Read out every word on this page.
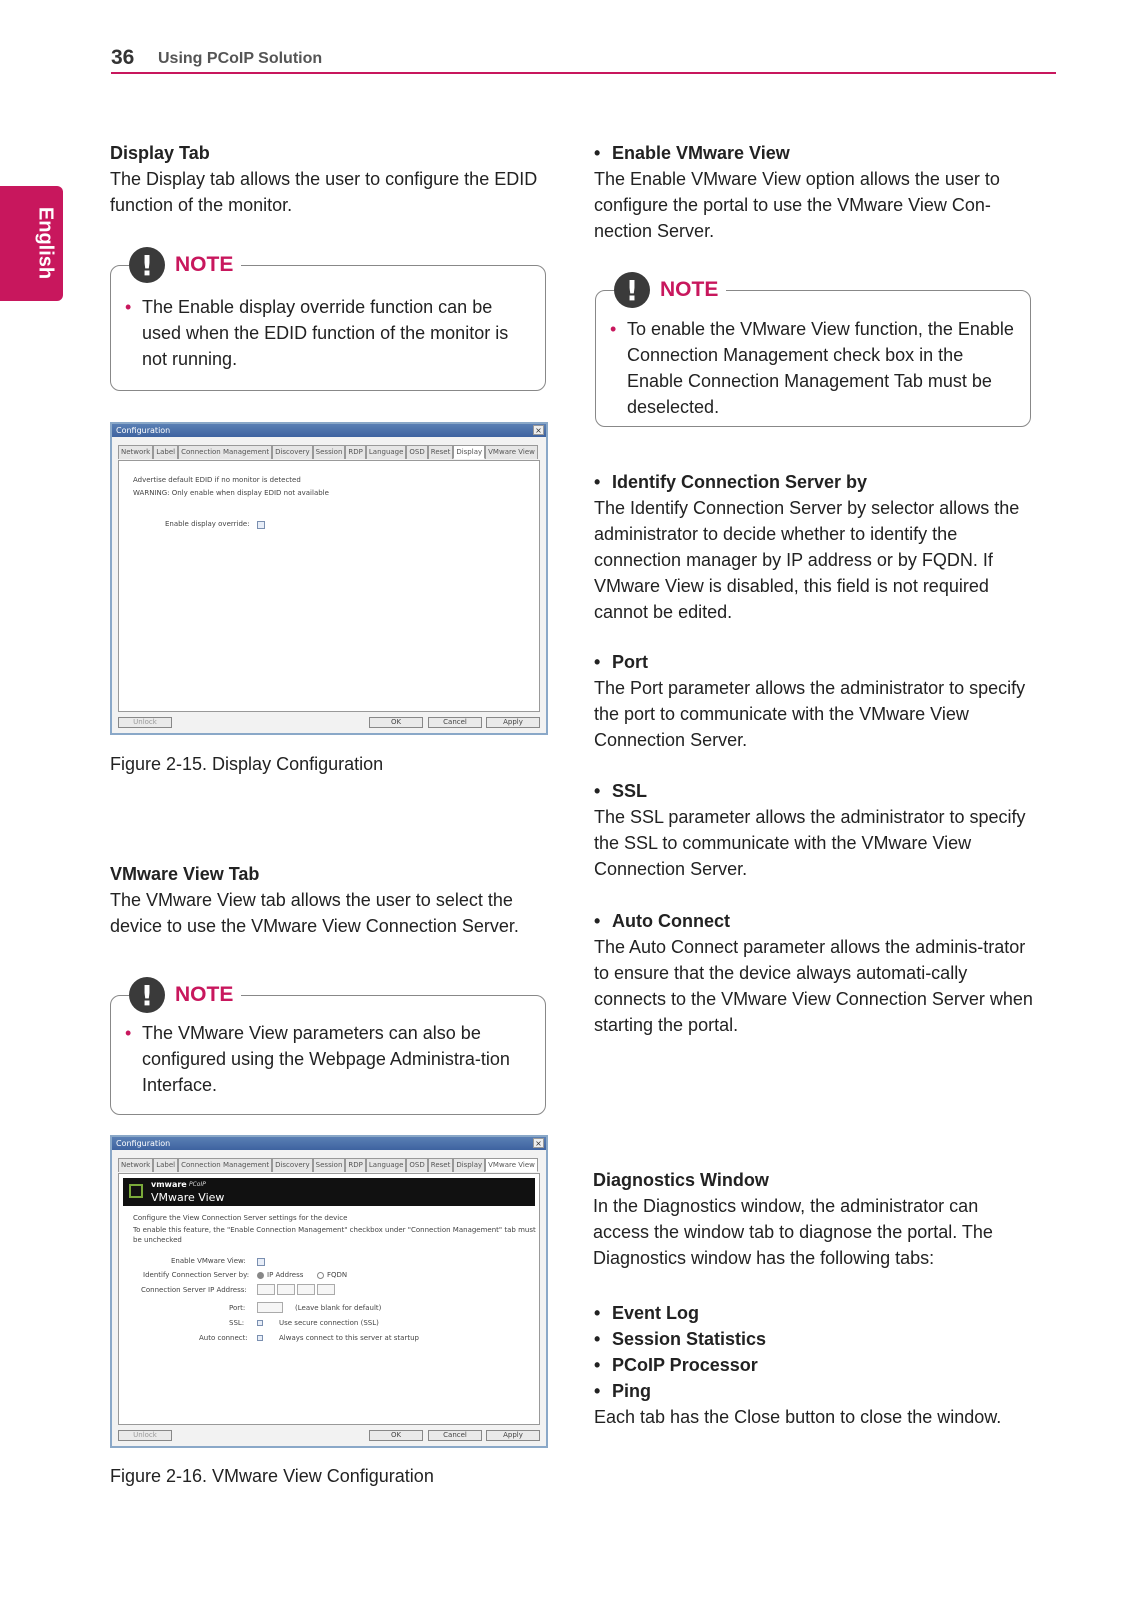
36 Using PCoIP Solution
English
Display Tab
The Display tab allows the user to configure the EDID function of the monitor.
!	NOTE
• The Enable display override function can be used when the EDID function of the monitor is not running.
Configuration	×
Network Label Connection Management Discovery Session RDP Language OSD Reset Display VMware View
Advertise default EDID if no monitor is detected
WARNING: Only enable when display EDID not available
Enable display override:
Unlock	OK	Cancel	Apply
Figure 2-15. Display Configuration
VMware View Tab
The VMware View tab allows the user to select the device to use the VMware View Connection Server.
!	NOTE
• The VMware View parameters can also be configured using the Webpage Administra-tion Interface.
Configuration	×
Network Label Connection Management Discovery Session RDP Language OSD Reset Display VMware View
vmware PCoIP
VMware View
Configure the View Connection Server settings for the device
To enable this feature, the "Enable Connection Management" checkbox under "Connection Management" tab must
be unchecked
Enable VMware View:
Identify Connection Server by:	IP Address	FQDN
Connection Server IP Address:
Port:	(Leave blank for default)
SSL:	Use secure connection (SSL)
Auto connect:	Always connect to this server at startup
Unlock	OK	Cancel	Apply
Figure 2-16. VMware View Configuration
• Enable VMware View
The Enable VMware View option allows the user to configure the portal to use the VMware View Con-nection Server.
!	NOTE
• To enable the VMware View function, the Enable Connection Management check box in the Enable Connection Management Tab must be deselected.
• Identify Connection Server by
The Identify Connection Server by selector allows the administrator to decide whether to identify the connection manager by IP address or by FQDN. If VMware View is disabled, this field is not required cannot be edited.
• Port
The Port parameter allows the administrator to specify the port to communicate with the VMware View Connection Server.
• SSL
The SSL parameter allows the administrator to specify the SSL to communicate with the VMware View Connection Server.
• Auto Connect
The Auto Connect parameter allows the adminis-trator to ensure that the device always automati-cally connects to the VMware View Connection Server when starting the portal.
Diagnostics Window
In the Diagnostics window, the administrator can access the window tab to diagnose the portal. The Diagnostics window has the following tabs:
• Event Log
• Session Statistics
• PCoIP Processor
• Ping
Each tab has the Close button to close the window.
